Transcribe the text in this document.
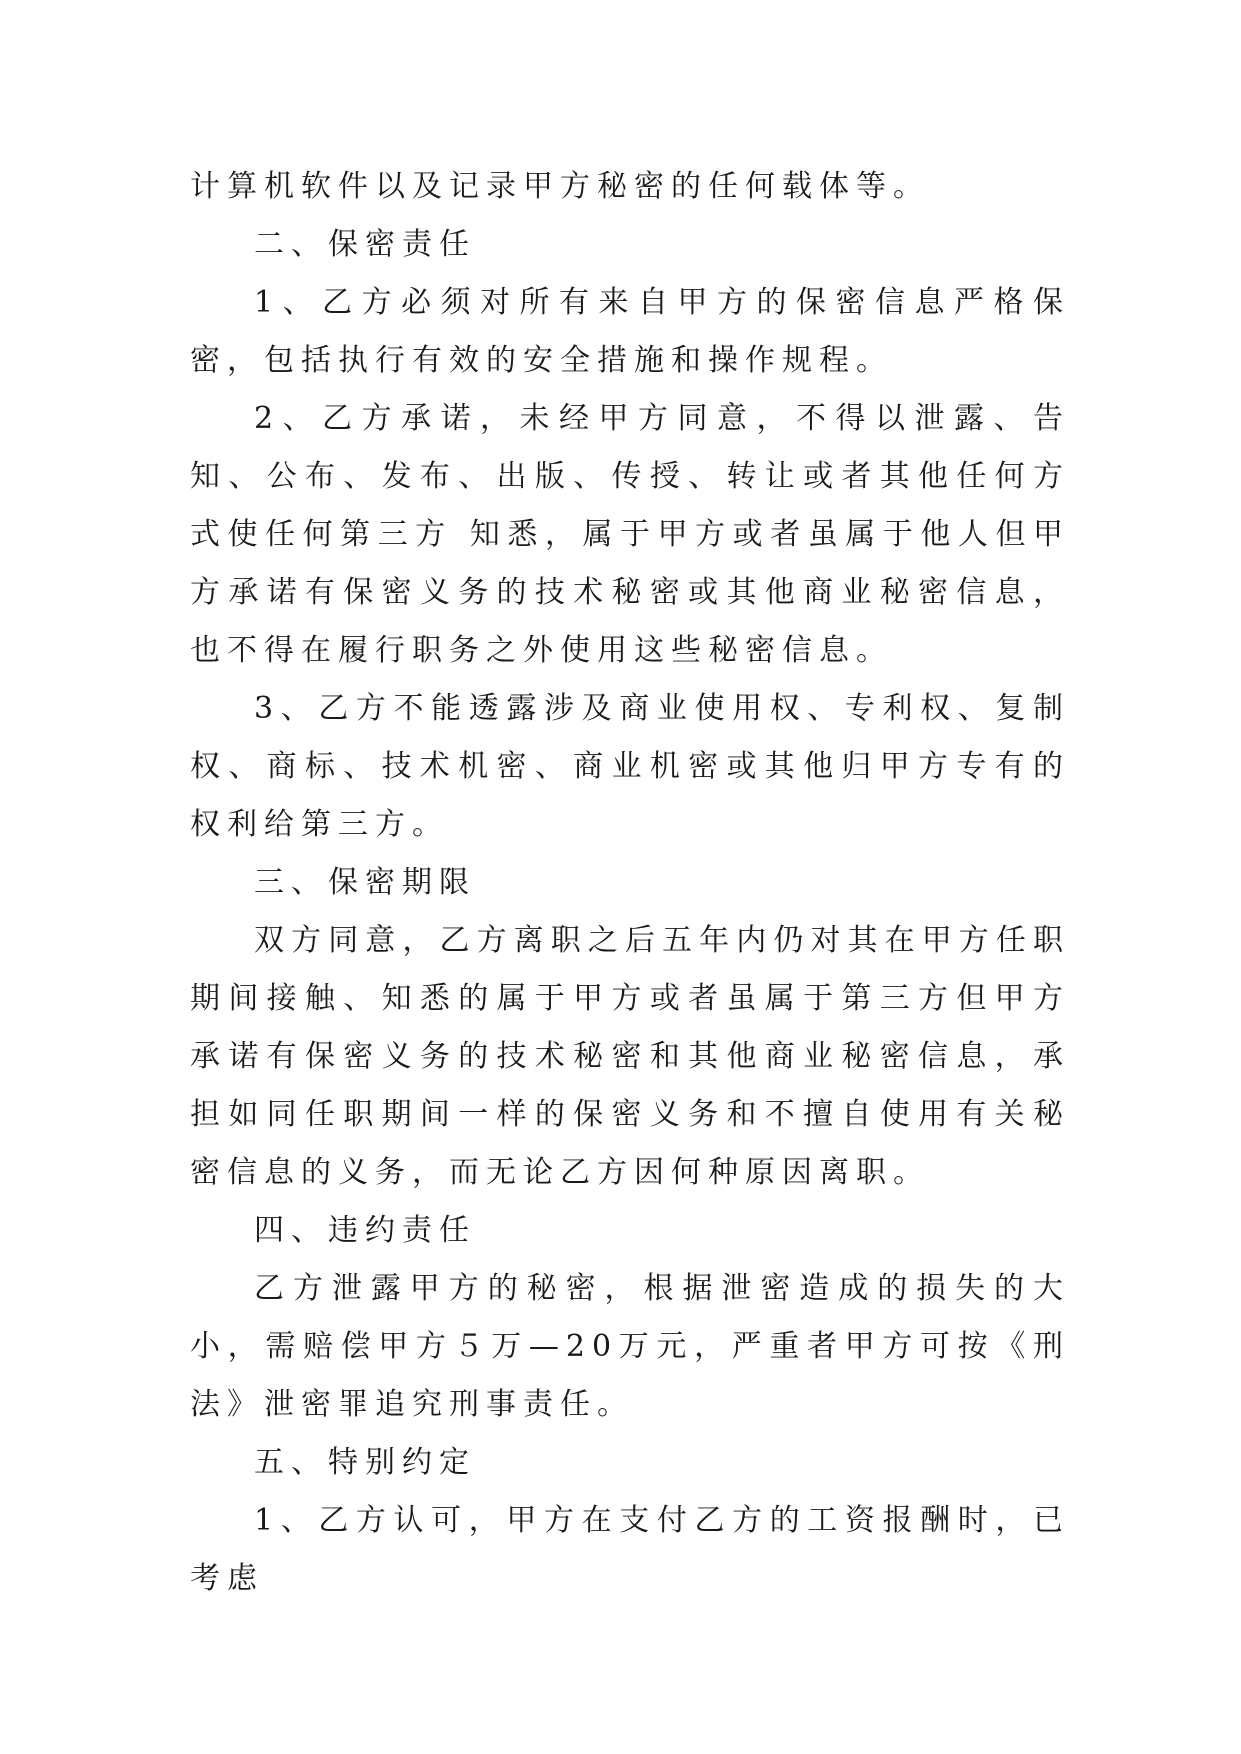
计算机软件以及记录甲方秘密的任何载体等。

二、保密责任

1、乙方必须对所有来自甲方的保密信息严格保密，包括执行有效的安全措施和操作规程。

2、乙方承诺，未经甲方同意，不得以泄露、告知、公布、发布、出版、传授、转让或者其他任何方式使任何第三方 知悉，属于甲方或者虽属于他人但甲方承诺有保密义务的技术秘密或其他商业秘密信息，也不得在履行职务之外使用这些秘密信息。

3、乙方不能透露涉及商业使用权、专利权、复制权、商标、技术机密、商业机密或其他归甲方专有的权利给第三方。

三、保密期限

双方同意，乙方离职之后五年内仍对其在甲方任职期间接触、知悉的属于甲方或者虽属于第三方但甲方承诺有保密义务的技术秘密和其他商业秘密信息，承担如同任职期间一样的保密义务和不擅自使用有关秘密信息的义务，而无论乙方因何种原因离职。

四、违约责任

乙方泄露甲方的秘密，根据泄密造成的损失的大小，需赔偿甲方５万—20万元，严重者甲方可按《刑法》泄密罪追究刑事责任。

五、特别约定

1、乙方认可，甲方在支付乙方的工资报酬时，已考虑
